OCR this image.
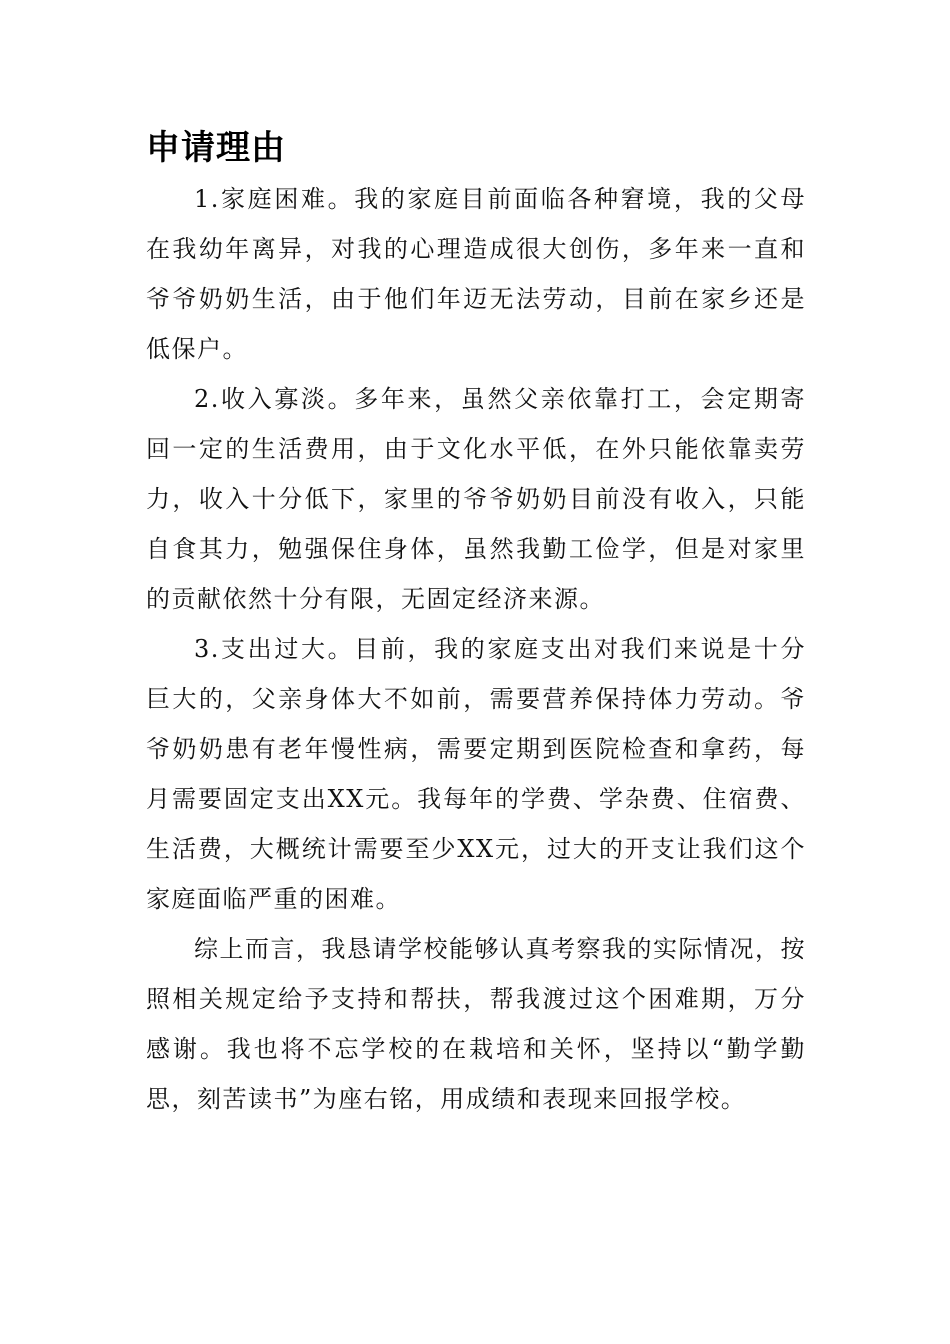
申请理由

1.家庭困难。我的家庭目前面临各种窘境，我的父母在我幼年离异，对我的心理造成很大创伤，多年来一直和爷爷奶奶生活，由于他们年迈无法劳动，目前在家乡还是低保户。

2.收入寡淡。多年来，虽然父亲依靠打工，会定期寄回一定的生活费用，由于文化水平低，在外只能依靠卖劳力，收入十分低下，家里的爷爷奶奶目前没有收入，只能自食其力，勉强保住身体，虽然我勤工俭学，但是对家里的贡献依然十分有限，无固定经济来源。

3.支出过大。目前，我的家庭支出对我们来说是十分巨大的，父亲身体大不如前，需要营养保持体力劳动。爷爷奶奶患有老年慢性病，需要定期到医院检查和拿药，每月需要固定支出XX元。我每年的学费、学杂费、住宿费、生活费，大概统计需要至少XX元，过大的开支让我们这个家庭面临严重的困难。

综上而言，我恳请学校能够认真考察我的实际情况，按照相关规定给予支持和帮扶，帮我渡过这个困难期，万分感谢。我也将不忘学校的在栽培和关怀，坚持以“勤学勤思，刻苦读书”为座右铭，用成绩和表现来回报学校。
